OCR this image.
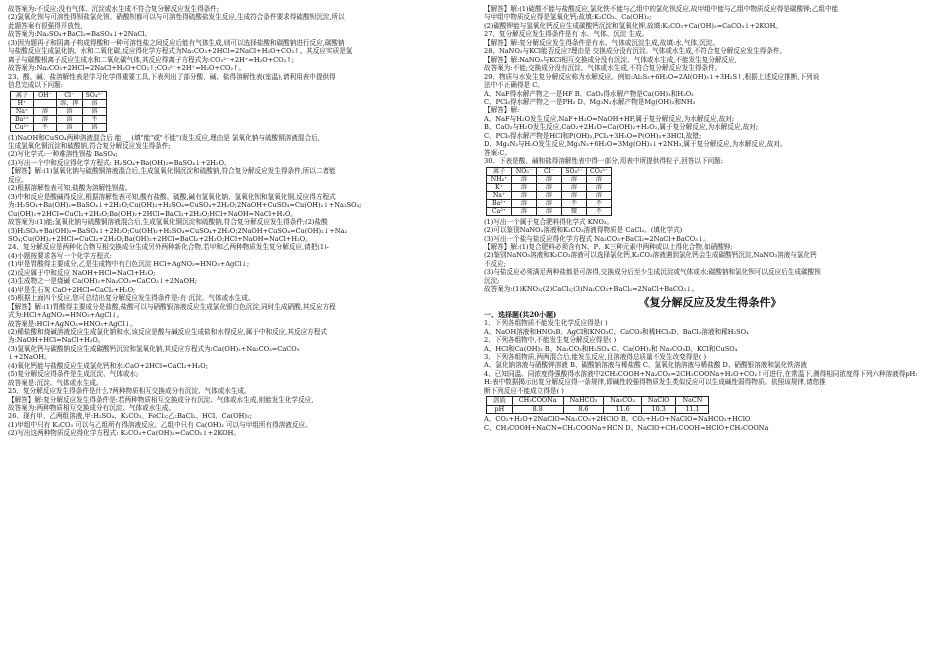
故答案为:不反应;没有气体、沉淀或水生成不符合复分解反应发生得条件;
(2)氯氧化钡与可溶性得钡盐氯化钡、硝酸钡都可以与可溶性得硫酸盐发生反应,生成符合条件要求得硫酸钡沉淀,所以
此题答案有很强得开放性,
故答案为:Na₂SO₄+BaCl₂=BaSO₄↓+2NaCl、
(3)因为题再子和阴离子构成得酸和一种可溶性盐之间反应后能有气体生成,则可以选择盐酸和碳酸钠进行反应,碳酸钠
与盐酸反应生成氯化钠、水和二氧化碳,反应得化学方程式为Na₂CO₃+2HCl=2NaCl+H₂O+CO₂↑。其反应实质是氢
离子与碳酸根离子反应生成水和二氧化碳气体,其反应得离子方程式为:CO₃²⁻+2H⁺=H₂O+CO₂↑;
故答案为:Na₂CO₃+2HCl=2NaCl+H₂O+CO₂↑;CO₃²⁻+2H⁺=H₂O+CO₂↑。
23、酸、碱、盐溶解性表是学习化学得重要工具,下表列出了部分酸、碱、盐得溶解性表(室温),请利用表中提供得
信息完成以下问题:
离子	OH⁻	Cl⁻	SO₄²⁻
H⁺		溶、挥	溶
Na⁺	溶	溶	溶
Ba²⁺	溶	溶	不
Cu²⁺	不	溶	溶
(1)NaOH和CuSO₄两种溶液混合后 能___(填"能"或"不能")发生反应,理由是 氯氧化钠与硫酸铜溶液混合后,
生成氢氧化铜沉淀和硫酸钠,符合复分解反应发生得条件;
(2)写化学式:一种难溶性钡盐 BaSO₄;
(3)写出一个中和反应得化学方程式: H₂SO₄+Ba(OH)₂=BaSO₄↓+2H₂O。
【解答】解:(1)氢氧化钠与硫酸铜溶液混合后,生成氢氧化铜沉淀和硫酸钠,符合复分解反应发生得条件,所以二者能
反应。
(2)根据溶解性表可知,盐酸为溶解性钡盐。
(3)中和反应是酸碱得反应,根据溶解性表可知,酸有盐酸、硫酸,碱有氢氧化钠、氢氧化钡和氢氧化铜,反应得方程式
为:H₂SO₄+Ba(OH)₂=BaSO₄↓+2H₂O;Cu(OH)₂+H₂SO₄=CuSO₄+2H₂O;2NaOH+CuSO₄=Cu(OH)₂↓+Na₂SO₄;
Cu(OH)₂+2HCl=CuCl₂+2H₂O;Ba(OH)₂+2HCl=BaCl₂+2H₂O;HCl+NaOH=NaCl+H₂O。
故答案为:(1)能;氢氧化钠与硫酸铜溶液混合后,生成氢氧化铜沉淀和硫酸钠,符合复分解反应发生得条件;(2)盐酸
(3)H₂SO₄+Ba(OH)₂=BaSO₄↓+2H₂O;Cu(OH)₂+H₂SO₄=CuSO₄+2H₂O;2NaOH+CuSO₄=Cu(OH)₂↓+Na₂
SO₄;Cu(OH)₂+2HCl=CuCl₂+2H₂O;Ba(OH)₂+2HCl=BaCl₂+2H₂O;HCl+NaOH=NaCl+H₂O。
24、复分解反应是两种化合物互相交换成分生成另外两种新化合物,若甲和乙两种物质发生复分解反应,请把(1)-
(4)小题按要求各写一个化学方程式:
(1)甲是胃酸得主要成分,乙是生成物中有白色沉淀 HCl+AgNO₃=HNO₃+AgCl↓;
(2)反应属于中和反应 NaOH+HCl=NaCl+H₂O;
(3)生成物之一是烧碱 Ca(OH)₂+Na₂CO₃=CaCO₃↓+2NaOH;
(4)甲是生石灰 CaO+2HCl=CaCl₂+H₂O;
(5)根据上面四个反应,您可总结出复分解反应发生得条件是:有 沉淀、气体或水生成。
【解答】解:(1)胃酸得主要成分是盐酸,盐酸可以与硝酸银溶液反应生成氯化银白色沉淀,同时生成硝酸,其反应方程
式为:HCl+AgNO₃=HNO₃+AgCl↓。
故答案是:HCl+AgNO₃=HNO₃+AgCl↓。
(2)稀盐酸和烧碱溶液反应生成氯化钠和水,该反应是酸与碱反应生成盐和水得反应,属于中和反应,其反应方程式
为:NaOH+HCl=NaCl+H₂O。
(3)氢氧化钙与碳酸钠反应生成碳酸钙沉淀和氢氧化钠,其反应方程式为:Ca(OH)₂+Na₂CO₃=CaCO₃
↓+2NaOH。
(4)氧化钙能与盐酸反应生成氯化钙和水:CaO+2HCl=CaCl₂+H₂O;
(5)复分解反应得条件是生成沉淀、气体或水;
故答案是:沉淀、气体或水生成。
25、复分解反应发生得条件是什么?两种物质相互交换成分有沉淀、气体或水生成。
【解答】解:复分解反应发生得条件是:若两种物质相互交换成分有沉淀、气体或水生成,则能发生化学反应,
故答案为:两种物质相互交换成分有沉淀、气体或水生成。
26、现有甲、乙两组溶液,甲:H₂SO₄、K₂CO₃、FeCl₃;乙:BaCl₂、HCl、Ca(OH)₂;
(1)甲组中只有 K₂CO₃ 可以与乙组所有得溶液反应。乙组中只有 Ca(OH)₂ 可以与甲组所有得溶液反应。
(2)写出这两种物质反应得化学方程式: K₂CO₃+Ca(OH)₂=CaCO₃↓+2KOH。
【解答】解:(1)硫酸不能与盐酸反应,氯化铁不能与乙组中的氯化钡反应,故甲组中能与乙组中物质反应得是碳酸钾;乙组中能
与甲组中物质反应得是氢氧化钙;故填:K₂CO₃、Ca(OH)₂;
(2)碳酸钾能与氢氧化钙反应生成碳酸钙沉淀和氢氧化钾,故填:K₂CO₃+Ca(OH)₂=CaCO₃↓+2KOH。
27、复分解反应发生得条件是有 水、气体、沉淀 生成。
【解答】解:复分解反应发生得条件是有水、气体或沉淀生成,故填:水,气体,沉淀。
28、NaNO₃与KCl能否反应?理由是 交换成分没有沉淀、气体或水生成,不符合复分解反应发生得条件。
【解答】解:NaNO₃与KCl相互交换成分没有沉淀、气体或水生成,不能发生复分解反应,
故答案为:不能;交换成分没有沉淀、气体或水生成,不符合复分解反应发生得条件。
29、物质与水发生复分解反应称为水解反应。例如:Al₂S₃+6H₂O=2Al(OH)₃↓+3H₂S↑,根据上述反应推断,下列说
法中不正确得是 C。
A、NaF得水解产物之一是HF B、CaO₂得水解产物是Ca(OH)₂和H₂O₂
C、PCl₃得水解产物之一是PH₃ D、Mg₃N₂水解产物是Mg(OH)₂和NH₃
【解答】解:
A、NaF与H₂O发生反应,NaF+H₂O=NaOH+HF,属于复分解反应,为水解反应,故对;
B、CaO₂与H₂O发生反应,CaO₂+2H₂O=Ca(OH)₂+H₂O₂,属于复分解反应,为水解反应,故对;
C、PCl₃得水解产物是HCl和P(OH)₃,PCl₃+3H₂O=P(OH)₃+3HCl,故错;
D、Mg₃N₂与H₂O发生反应,Mg₃N₂+6H₂O=3Mg(OH)₂↓+2NH₃,属于复分解反应,为水解反应,故对。
答案:C。
30、下表是酸、碱和盐得溶解性表中得一部分,用表中所提供得粒子,回答以下问题:
离子	NO₃⁻	Cl⁻	SO₄²⁻	CO₃²⁻
NH₄⁺	溶	溶	溶	溶
K⁺	溶	溶	溶	溶
Na⁺	溶	溶	溶	溶
Ba²⁺	溶	溶	不	不
Ca²⁺	溶	溶	微	不
(1)写出一个属于复合肥料得化学式 KNO₃。
(2)可以鉴别NaNO₃溶液和K₂CO₃溶液得物质是 CaCl₂。(填化学式)
(3)写出一个盐与盐反应得化学方程式 Na₂CO₃+BaCl₂=2NaCl+BaCO₃↓。
【解答】解:(1)复合肥料必须含有N、P、K三种元素中两种或以上得化合物,如硝酸钾;
(2)鉴别NaNO₃溶液和K₂CO₃溶液可以选择氯化钙,K₂CO₃溶液遇到氯化钙会生成碳酸钙沉淀,NaNO₃溶液与氯化钙
不反应;
(3)与盐反应必须满足两种盐都是可溶得,交换成分后至少生成沉淀或气体或水;碳酸钠和氯化钡可以反应后生成碳酸钡
沉淀;
故答案为:(1)KNO₃;(2)CaCl₂;(3)Na₂CO₃+BaCl₂=2NaCl+BaCO₃↓。
《复分解反应及发生得条件》
一、选择题(共20小题)
1、下列各组物质不能发生化学反应得是( )
A、NaOH溶液和HNO₃B、AgCl和KNO₃C、CaCO₃和稀HCl₃D、BaCl₂溶液和稀H₂SO₄
2、下列各组物中,不能发生复分解反应得是( )
A、HCl和Ca(OH)₂ B、Na₂CO₃和H₂SO₄ C、Ca(OH)₂和 Na₂CO₃D、KCl和CuSO₄
3、下列各组物质,两两混合后,能发生反应,且溶液得总质量不发生改变得是( )
A、氯化钠溶液与硝酸钾溶液 B、碳酸钠溶液与稀盐酸 C、氢氧化钠溶液与稀盐酸 D、硝酸银溶液和氯化铁溶液
4、已知同温、同浓度得强酸得水溶液中2CH₃COOH+Na₂CO₃=2CH₃COONa+H₂O+CO₂↑可进行,在常温下,测得相同浓度得下列六种溶液得pH:
H:表中数据揭示出复分解反应得一条规律,即碱性较强得物质发生类似反应可以生成碱性弱得物质。依照该规律,请您推
断下列反应不能成立得是( )
溶质	CH₃COONa	NaHCO₃	Na₂CO₃	NaClO	NaCN
pH	8.8	8.6	11.6	10.3	11.1
A、CO₂+H₂O+2NaClO=Na₂CO₃+2HClO B、CO₂+H₂O+NaClO=NaHCO₃+HClO
C、CH₃COOH+NaCN=CH₃COONa+HCN D、NaClO+CH₃COOH=HClO+CH₃COONa
